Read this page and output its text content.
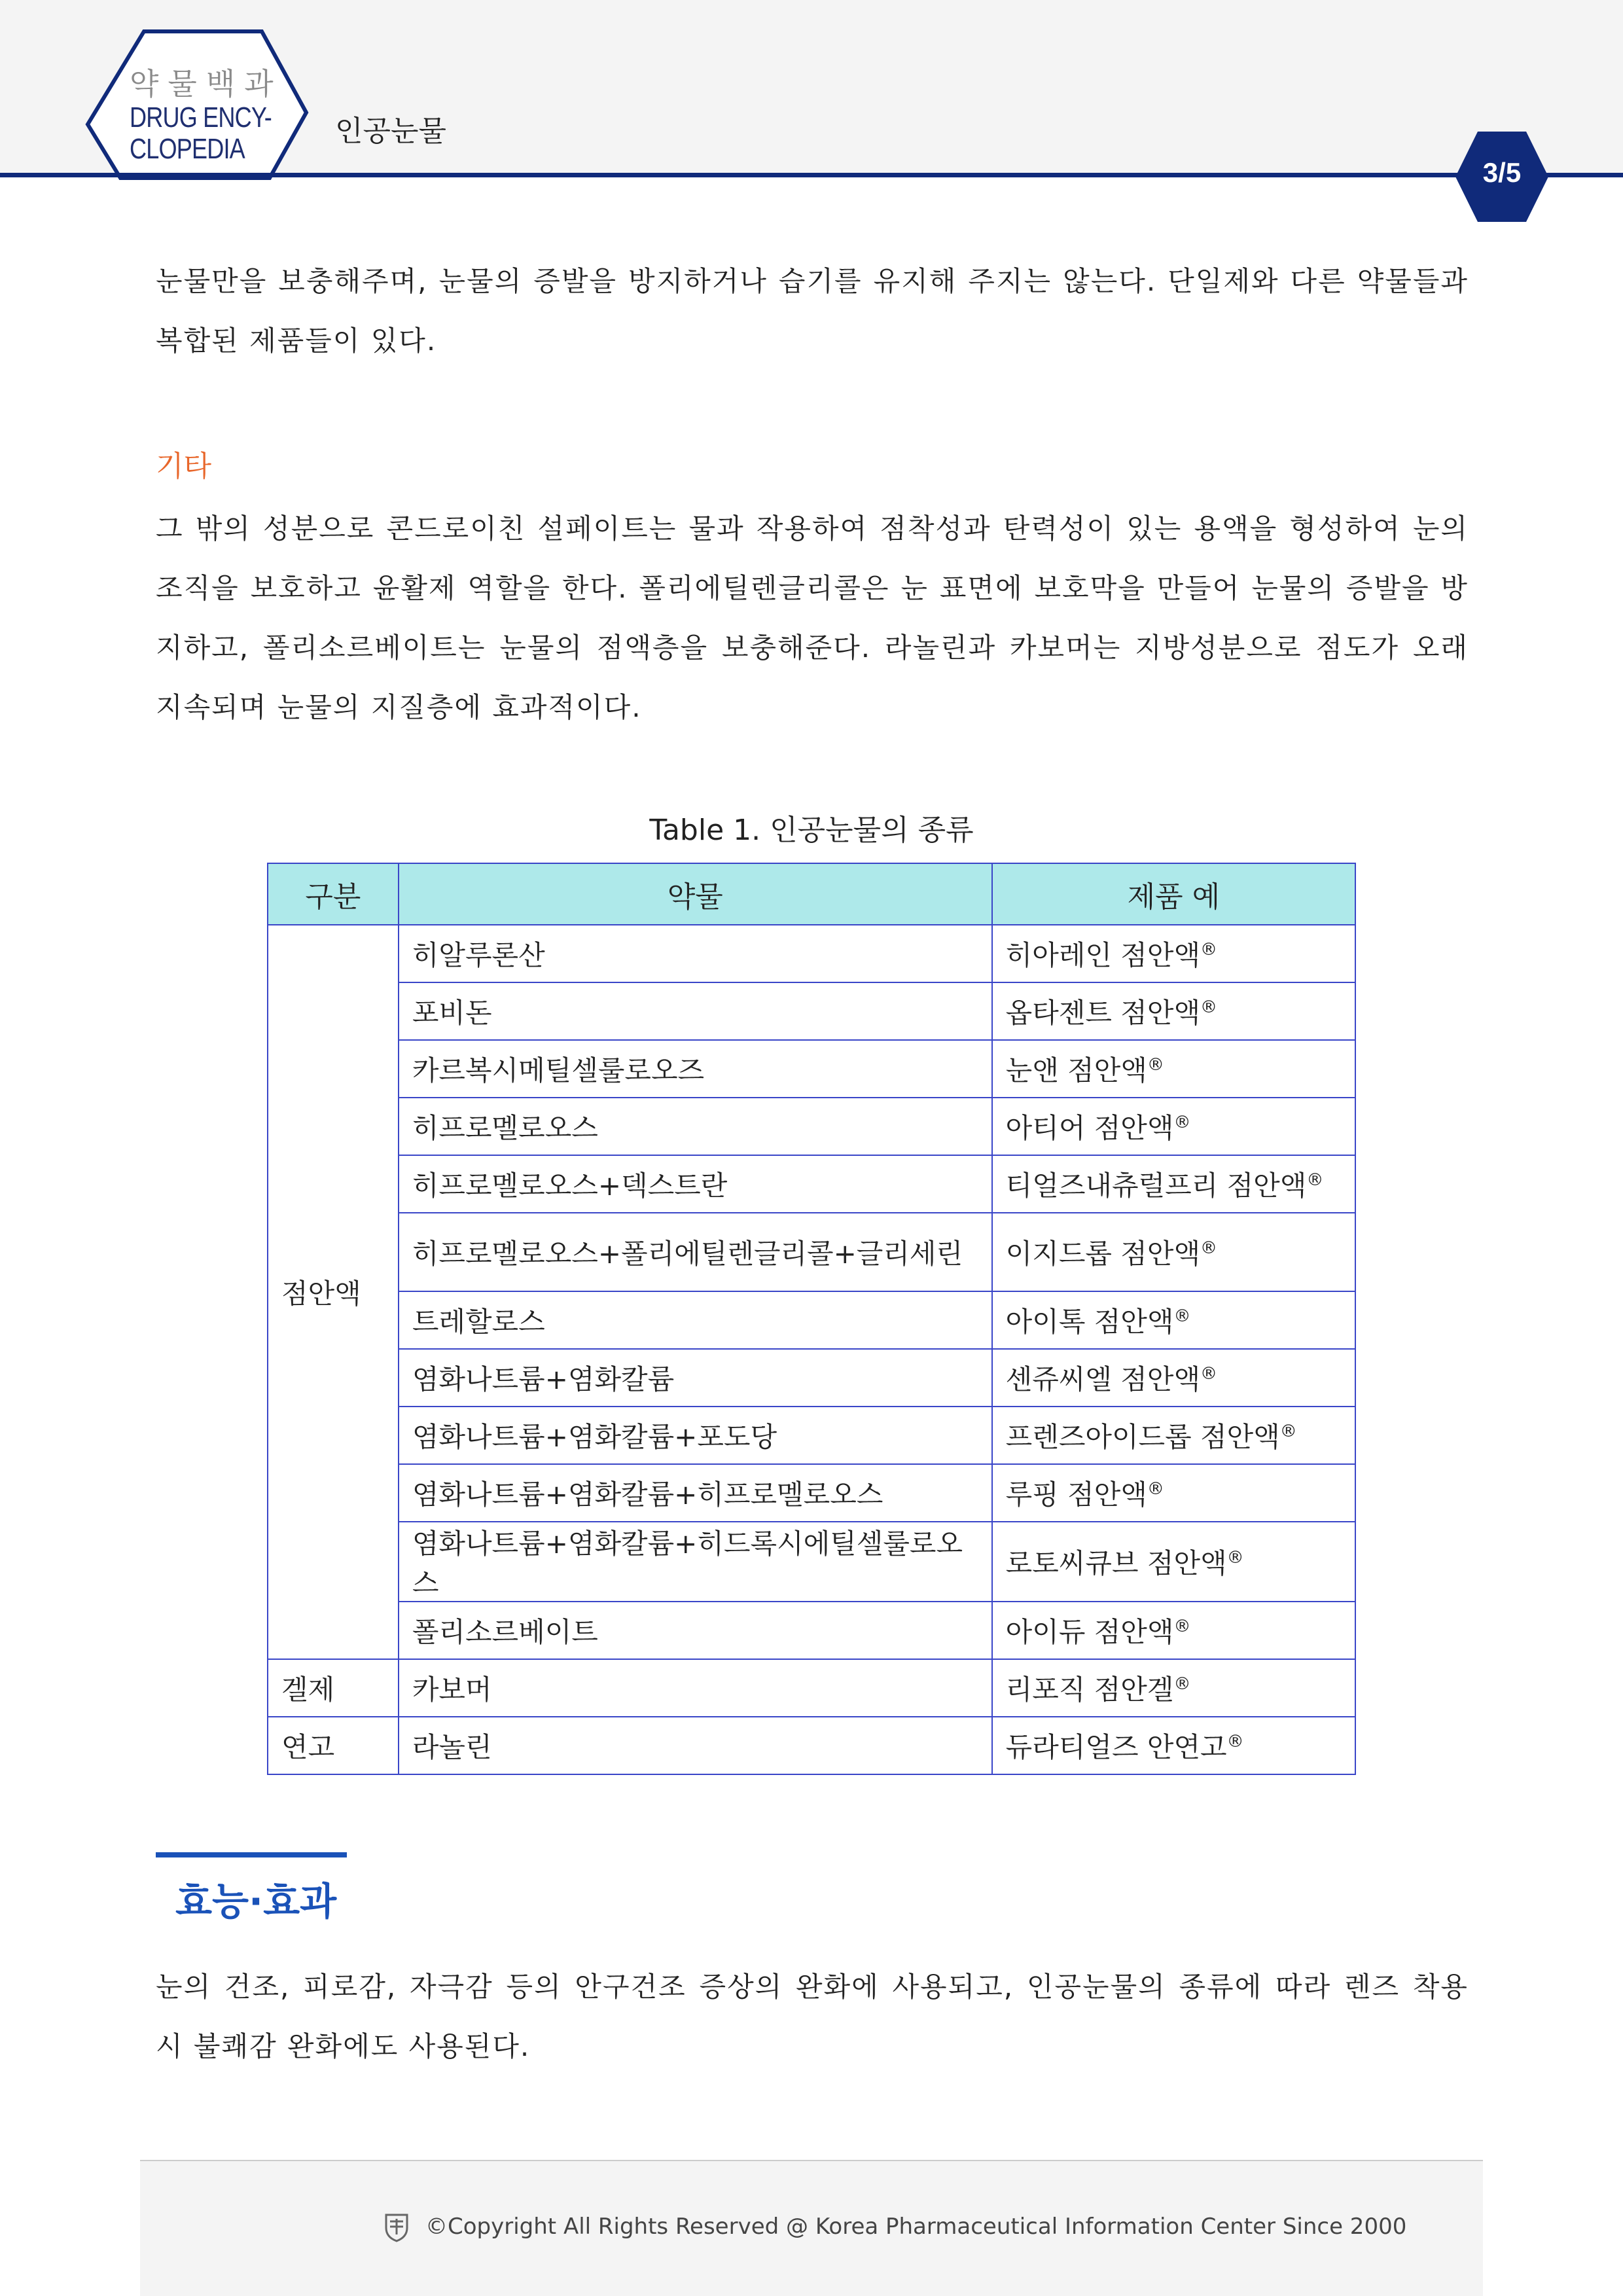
약물백과
DRUG ENCY-
CLOPEDIA
인공눈물
3/5
눈물만을 보충해주며, 눈물의 증발을 방지하거나 습기를 유지해 주지는 않는다. 단일제와 다른 약물들과 복합된 제품들이 있다.
기타
그 밖의 성분으로 콘드로이친 설페이트는 물과 작용하여 점착성과 탄력성이 있는 용액을 형성하여 눈의 조직을 보호하고 윤활제 역할을 한다. 폴리에틸렌글리콜은 눈 표면에 보호막을 만들어 눈물의 증발을 방지하고, 폴리소르베이트는 눈물의 점액층을 보충해준다. 라놀린과 카보머는 지방성분으로 점도가 오래 지속되며 눈물의 지질층에 효과적이다.
Table 1. 인공눈물의 종류
구분	약물	제품 예
점안액	히알루론산	히아레인 점안액®
	포비돈	옵타젠트 점안액®
	카르복시메틸셀룰로오즈	눈앤 점안액®
	히프로멜로오스	아티어 점안액®
	히프로멜로오스+덱스트란	티얼즈내츄럴프리 점안액®
	히프로멜로오스+폴리에틸렌글리콜+글리세린	이지드롭 점안액®
	트레할로스	아이톡 점안액®
	염화나트륨+염화칼륨	센쥬씨엘 점안액®
	염화나트륨+염화칼륨+포도당	프렌즈아이드롭 점안액®
	염화나트륨+염화칼륨+히프로멜로오스	루핑 점안액®
	염화나트륨+염화칼륨+히드록시에틸셀룰로오스	로토씨큐브 점안액®
	폴리소르베이트	아이듀 점안액®
겔제	카보머	리포직 점안겔®
연고	라놀린	듀라티얼즈 안연고®
효능·효과
눈의 건조, 피로감, 자극감 등의 안구건조 증상의 완화에 사용되고, 인공눈물의 종류에 따라 렌즈 착용 시 불쾌감 완화에도 사용된다.
©Copyright All Rights Reserved @ Korea Pharmaceutical Information Center Since 2000
